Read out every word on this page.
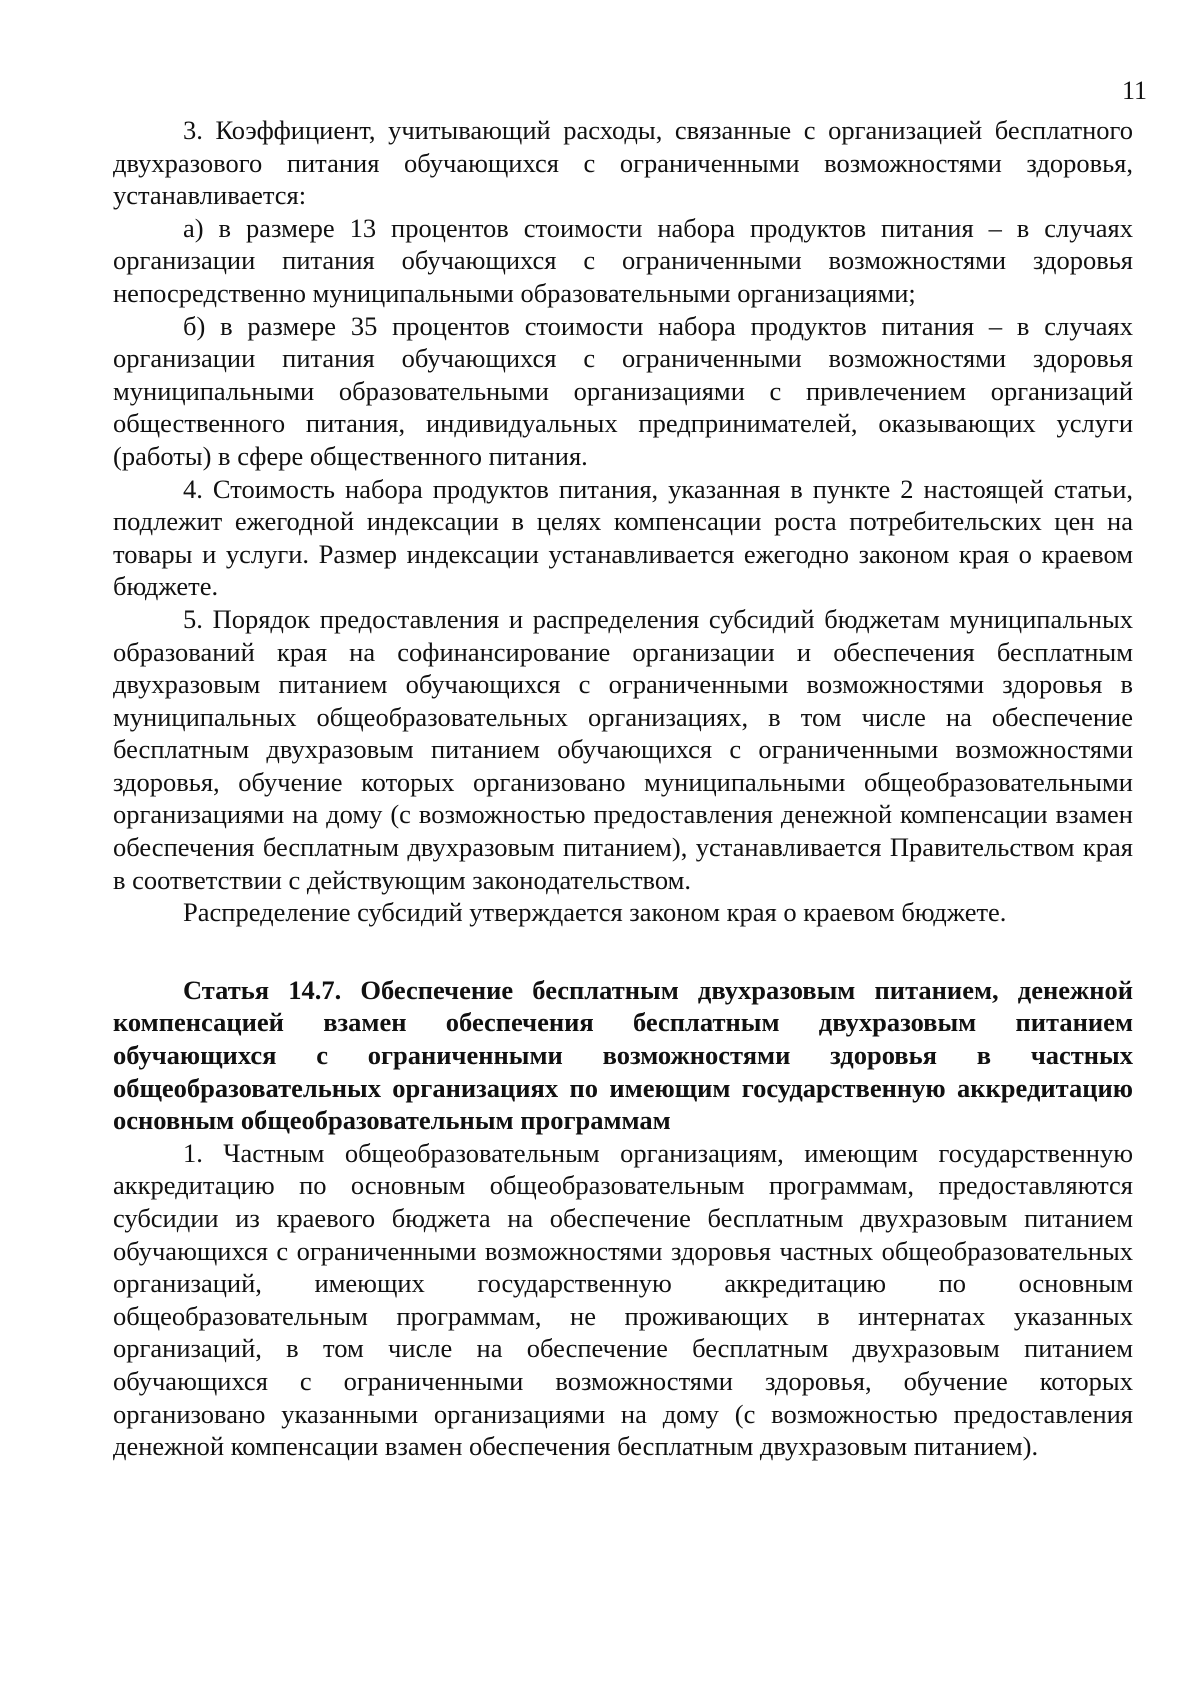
11

3. Коэффициент, учитывающий расходы, связанные с организацией бесплатного двухразового питания обучающихся с ограниченными возможностями здоровья, устанавливается:

а) в размере 13 процентов стоимости набора продуктов питания – в случаях организации питания обучающихся с ограниченными возможностями здоровья непосредственно муниципальными образовательными организациями;

б) в размере 35 процентов стоимости набора продуктов питания – в случаях организации питания обучающихся с ограниченными возможностями здоровья муниципальными образовательными организациями с привлечением организаций общественного питания, индивидуальных предпринимателей, оказывающих услуги (работы) в сфере общественного питания.

4. Стоимость набора продуктов питания, указанная в пункте 2 настоящей статьи, подлежит ежегодной индексации в целях компенсации роста потребительских цен на товары и услуги. Размер индексации устанавливается ежегодно законом края о краевом бюджете.

5. Порядок предоставления и распределения субсидий бюджетам муниципальных образований края на софинансирование организации и обеспечения бесплатным двухразовым питанием обучающихся с ограниченными возможностями здоровья в муниципальных общеобразовательных организациях, в том числе на обеспечение бесплатным двухразовым питанием обучающихся с ограниченными возможностями здоровья, обучение которых организовано муниципальными общеобразовательными организациями на дому (с возможностью предоставления денежной компенсации взамен обеспечения бесплатным двухразовым питанием), устанавливается Правительством края в соответствии с действующим законодательством.

Распределение субсидий утверждается законом края о краевом бюджете.

Статья 14.7. Обеспечение бесплатным двухразовым питанием, денежной компенсацией взамен обеспечения бесплатным двухразовым питанием обучающихся с ограниченными возможностями здоровья в частных общеобразовательных организациях по имеющим государственную аккредитацию основным общеобразовательным программам

1. Частным общеобразовательным организациям, имеющим государственную аккредитацию по основным общеобразовательным программам, предоставляются субсидии из краевого бюджета на обеспечение бесплатным двухразовым питанием обучающихся с ограниченными возможностями здоровья частных общеобразовательных организаций, имеющих государственную аккредитацию по основным общеобразовательным программам, не проживающих в интернатах указанных организаций, в том числе на обеспечение бесплатным двухразовым питанием обучающихся с ограниченными возможностями здоровья, обучение которых организовано указанными организациями на дому (с возможностью предоставления денежной компенсации взамен обеспечения бесплатным двухразовым питанием).
